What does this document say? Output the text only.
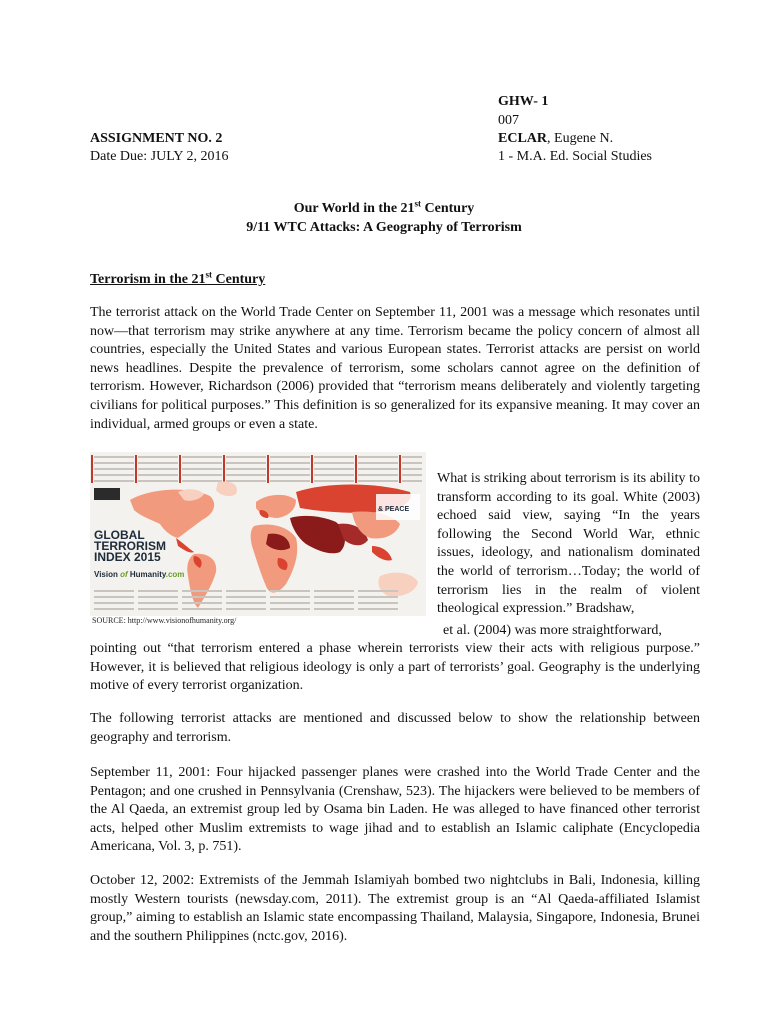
GHW- 1
007
ASSIGNMENT NO. 2	ECLAR, Eugene N.
Date Due: JULY 2, 2016	1 - M.A. Ed. Social Studies
Our World in the 21st Century
9/11 WTC Attacks: A Geography of Terrorism
Terrorism in the 21st Century
The terrorist attack on the World Trade Center on September 11, 2001 was a message which resonates until now—that terrorism may strike anywhere at any time. Terrorism became the policy concern of almost all countries, especially the United States and various European states. Terrorist attacks are persist on world news headlines. Despite the prevalence of terrorism, some scholars cannot agree on the definition of terrorism. However, Richardson (2006) provided that “terrorism means deliberately and violently targeting civilians for political purposes.” This definition is so generalized for its expansive meaning. It may cover an individual, armed groups or even a state.
GLOBAL
TERRORISM
INDEX 2015
Vision of Humanity.com
& PEACE
SOURCE: http://www.visionofhumanity.org/
What is striking about terrorism is its ability to transform according to its goal. White (2003) echoed said view, saying “In the years following the Second World War, ethnic issues, ideology, and nationalism dominated the world of terrorism…Today; the world of terrorism lies in the realm of violent theological expression.” Bradshaw,
et al. (2004) was more straightforward,
pointing out “that terrorism entered a phase wherein terrorists view their acts with religious purpose.” However, it is believed that religious ideology is only a part of terrorists’ goal. Geography is the underlying motive of every terrorist organization.
The following terrorist attacks are mentioned and discussed below to show the relationship between geography and terrorism.
September 11, 2001: Four hijacked passenger planes were crashed into the World Trade Center and the Pentagon; and one crushed in Pennsylvania (Crenshaw, 523). The hijackers were believed to be members of the Al Qaeda, an extremist group led by Osama bin Laden. He was alleged to have financed other terrorist acts, helped other Muslim extremists to wage jihad and to establish an Islamic caliphate (Encyclopedia Americana, Vol. 3, p. 751).
October 12, 2002: Extremists of the Jemmah Islamiyah bombed two nightclubs in Bali, Indonesia, killing mostly Western tourists (newsday.com, 2011). The extremist group is an “Al Qaeda-affiliated Islamist group,” aiming to establish an Islamic state encompassing Thailand, Malaysia, Singapore, Indonesia, Brunei and the southern Philippines (nctc.gov, 2016).
